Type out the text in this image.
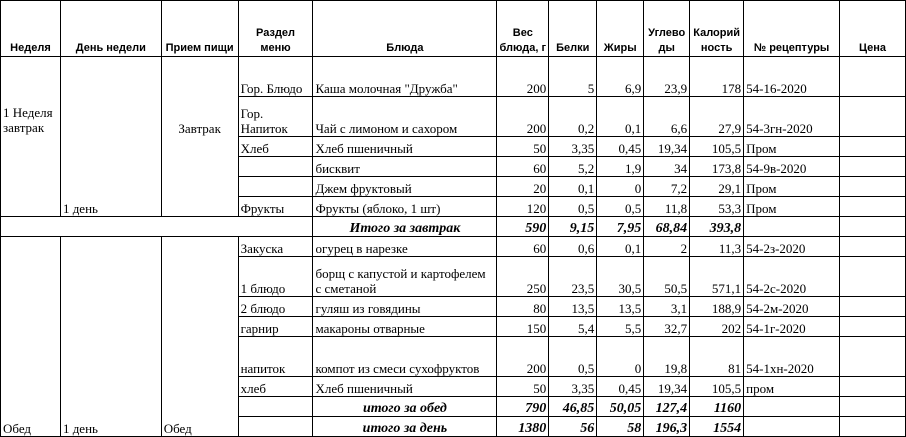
Неделя	День недели	Прием пищи	Раздел меню	Блюда	Вес блюда, г	Белки	Жиры	Углево ды	Калорий ность	№ рецептуры	Цена
1 Неделя завтрак	1 день	Завтрак	Гор. Блюдо	Каша молочная "Дружба"	200	5	6,9	23,9	178	54-16-2020	
			Гор. Напиток	Чай с лимоном и сахором	200	0,2	0,1	6,6	27,9	54-3гн-2020	
			Хлеб	Хлеб пшеничный	50	3,35	0,45	19,34	105,5	Пром	
				бисквит	60	5,2	1,9	34	173,8	54-9в-2020	
				Джем фруктовый	20	0,1	0	7,2	29,1	Пром	
			Фрукты	Фрукты (яблоко, 1 шт)	120	0,5	0,5	11,8	53,3	Пром	
				Итого за завтрак	590	9,15	7,95	68,84	393,8		
Обед	1 день	Обед	Закуска	огурец в нарезке	60	0,6	0,1	2	11,3	54-2з-2020	
			1 блюдо	борщ с капустой и картофелем с сметаной	250	23,5	30,5	50,5	571,1	54-2с-2020	
			2 блюдо	гуляш из говядины	80	13,5	13,5	3,1	188,9	54-2м-2020	
			гарнир	макароны отварные	150	5,4	5,5	32,7	202	54-1г-2020	
			напиток	компот из смеси сухофруктов	200	0,5	0	19,8	81	54-1хн-2020	
			хлеб	Хлеб пшеничный	50	3,35	0,45	19,34	105,5	пром	
				итого за обед	790	46,85	50,05	127,4	1160		
				итого за день	1380	56	58	196,3	1554		
